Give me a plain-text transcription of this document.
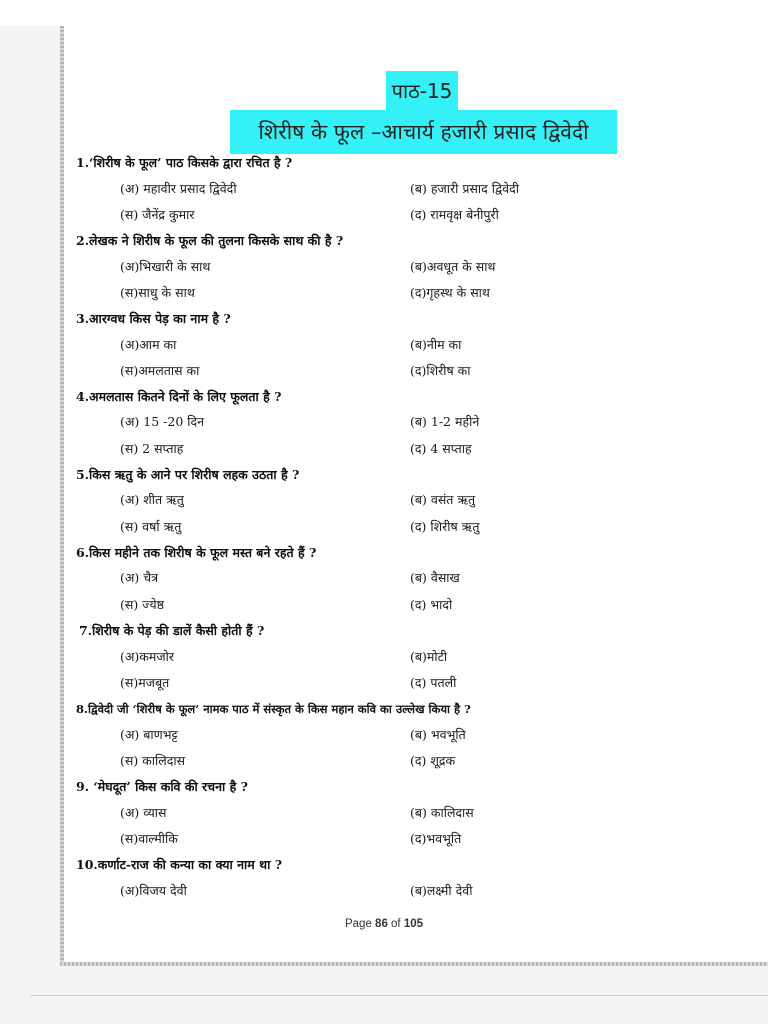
पाठ-15
शिरीष के फूल –आचार्य हजारी प्रसाद द्विवेदी
1.‘शिरीष के फूल’ पाठ किसके द्वारा रचित है ?
(अ) महावीर प्रसाद द्विवेदी	(ब) हजारी प्रसाद द्विवेदी
(स) जैनेंद्र कुमार	(द) रामवृक्ष बेनीपुरी
2.लेखक ने शिरीष के फूल की तुलना किसके साथ की है ?
(अ)भिखारी के साथ	(ब)अवधूत के साथ
(स)साधु के साथ	(द)गृहस्थ के साथ
3.आरग्वध किस पेड़ का नाम है ?
(अ)आम का	(ब)नीम का
(स)अमलतास का	(द)शिरीष का
4.अमलतास कितने दिनों के लिए फूलता है ?
(अ) 15 -20 दिन	(ब) 1-2 महीने
(स) 2 सप्ताह	(द) 4 सप्ताह
5.किस ऋतु के आने पर शिरीष लहक उठता है ?
(अ) शीत ऋतु	(ब) वसंत ऋतु
(स) वर्षा ऋतु	(द) शिरीष ऋतु
6.किस महीने तक शिरीष के फूल मस्त बने रहते हैं ?
(अ) चैत्र	(ब) वैसाख
(स) ज्येष्ठ	(द) भादो
7.शिरीष के पेड़ की डालें कैसी होती हैं ?
(अ)कमजोर	(ब)मोटी
(स)मजबूत	(द) पतली
8.द्विवेदी जी ‘शिरीष के फूल’ नामक पाठ में संस्कृत के किस महान कवि का उल्लेख किया है ?
(अ) बाणभट्ट	(ब) भवभूति
(स) कालिदास	(द) शूद्रक
9. ‘मेघदूत’ किस कवि की रचना है ?
(अ) व्यास	(ब) कालिदास
(स)वाल्मीकि	(द)भवभूति
10.कर्णाट-राज की कन्या का क्या नाम था ?
(अ)विजय देवी	(ब)लक्ष्मी देवी
Page 86 of 105
